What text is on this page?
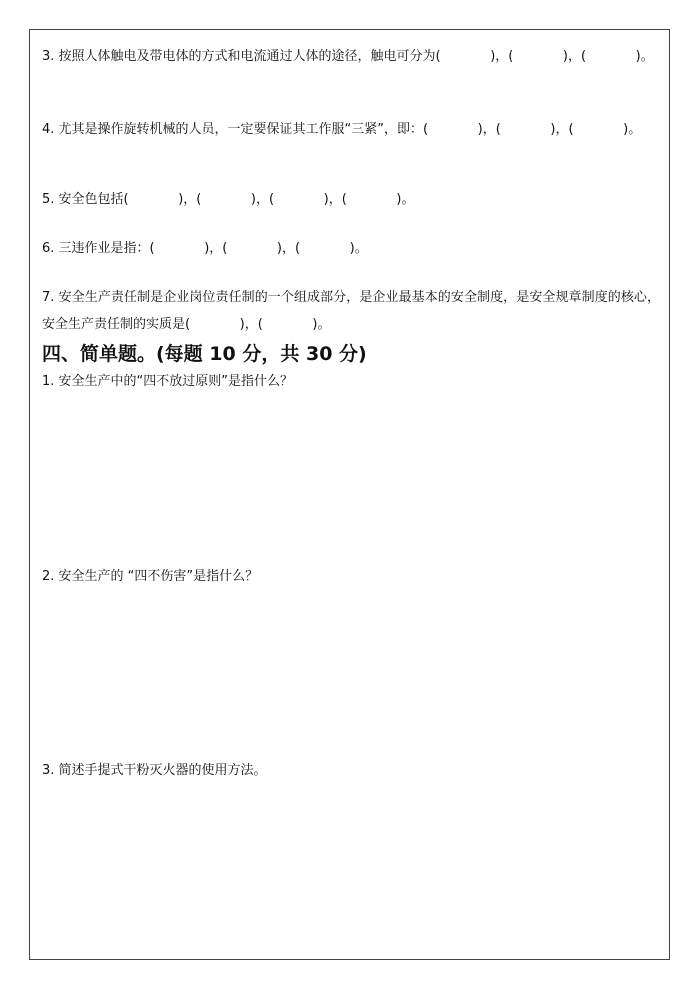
3. 按照人体触电及带电体的方式和电流通过人体的途径，触电可分为(            )，(            )，(            )。
4. 尤其是操作旋转机械的人员，一定要保证其工作服“三紧”，即：(            )，(            )，(            )。
5. 安全色包括(            )，(            )，(            )，(            )。
6. 三违作业是指：(            )，(            )，(            )。
7. 安全生产责任制是企业岗位责任制的一个组成部分，是企业最基本的安全制度，是安全规章制度的核心，安全生产责任制的实质是(            )，(            )。
四、简单题。(每题 10 分，共 30 分)
1. 安全生产中的“四不放过原则”是指什么？
2. 安全生产的 “四不伤害”是指什么？
3. 简述手提式干粉灭火器的使用方法。
